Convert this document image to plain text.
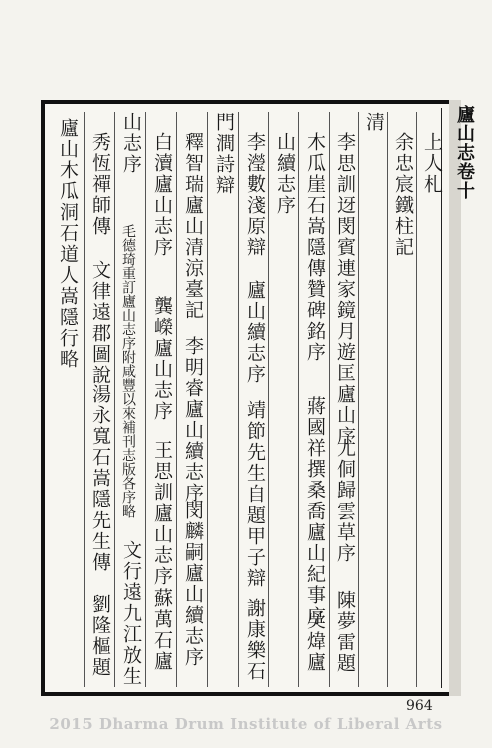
廬山志卷十
上人札
余忠宸鐵柱記
清
李思訓迓閔賓連家鏡月遊匡廬山序
尤侗歸雲草序
陳夢雷題
木瓜崖石嵩隱傳贊碑銘序
蔣國祥撰桑喬廬山紀事序
吳煒廬
山續志序
李瀅數淺原辯
廬山續志序
靖節先生自題甲子辯
謝康樂石
門澗詩辯
釋智瑞廬山清涼臺記
李明睿廬山續志序
閔麟嗣廬山續志序
白瀆廬山志序
龔嶸廬山志序
王思訓廬山志序
蘇萬石廬
山志序
毛德琦重訂廬山志序附咸豐以來補刊志版各序略
文行遠九江放生
秀恆禪師傳
文律遠郡圖說
湯永寬石嵩隱先生傳
劉隆樞題
廬山木瓜洞石道人嵩隱行略
964
2015 Dharma Drum Institute of Liberal Arts
